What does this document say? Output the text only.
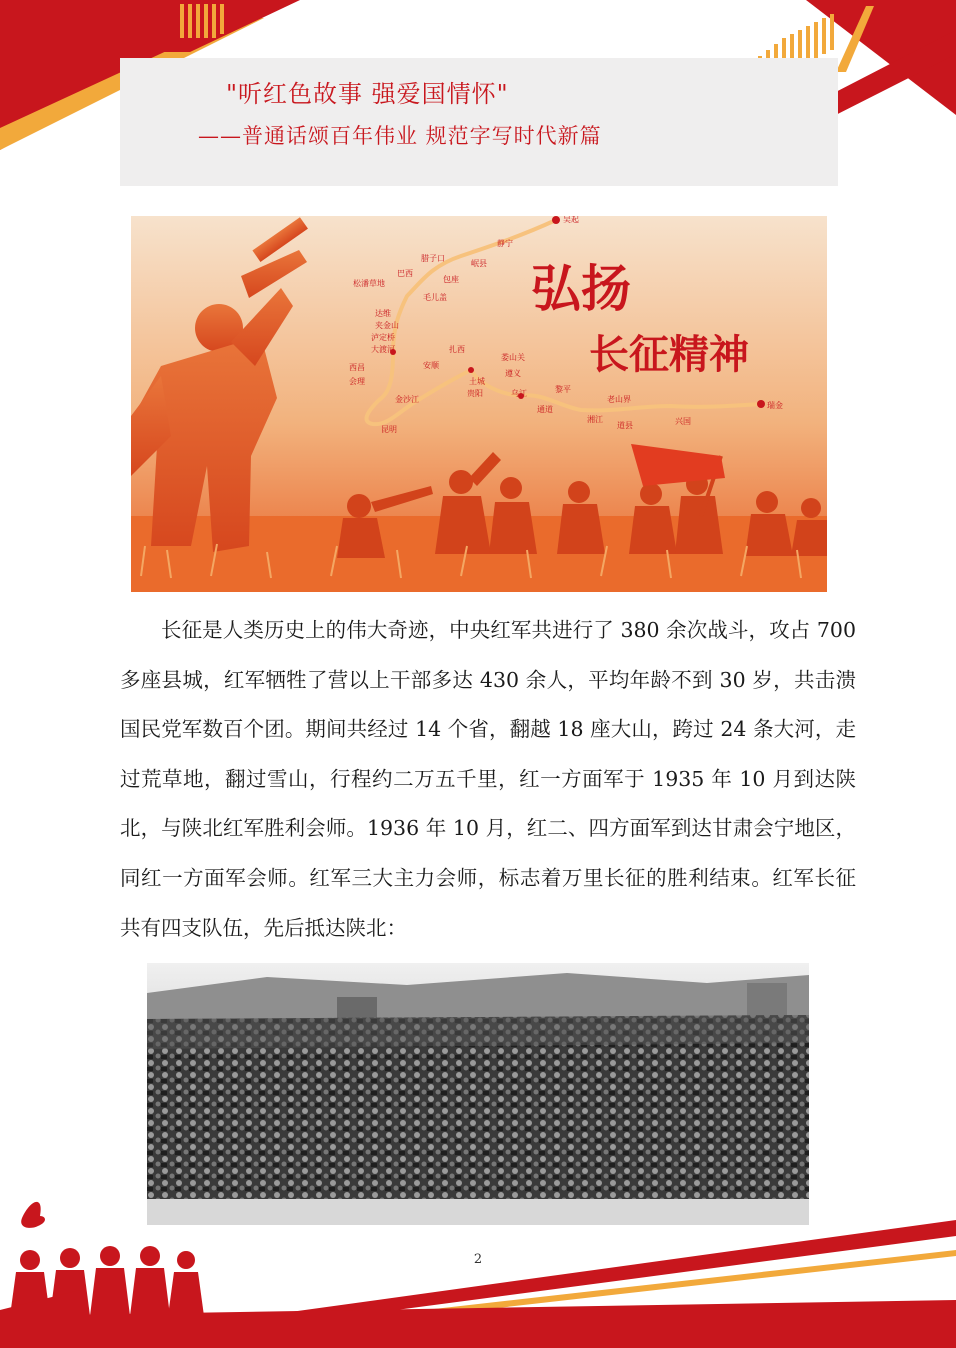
"听红色故事 强爱国情怀"
——普通话颂百年伟业 规范字写时代新篇
吴起
静宁
腊子口
岷县
巴西
包座
毛儿盖
松潘草地
达维
夹金山
泸定桥
大渡河
西昌
会理
金沙江
昆明
安顺
贵阳
扎西
娄山关
遵义
土城
乌江	黎平
老山界
通道
湘江
道县
瑞金
兴国
弘扬
长征精神

长征是人类历史上的伟大奇迹，中央红军共进行了 380 余次战斗，攻占 700 多座县城，红军牺牲了营以上干部多达 430 余人，平均年龄不到 30 岁，共击溃国民党军数百个团。期间共经过 14 个省，翻越 18 座大山，跨过 24 条大河，走过荒草地，翻过雪山，行程约二万五千里，红一方面军于 1935 年 10 月到达陕北，与陕北红军胜利会师。1936 年 10 月，红二、四方面军到达甘肃会宁地区，同红一方面军会师。红军三大主力会师，标志着万里长征的胜利结束。红军长征共有四支队伍，先后抵达陕北：

2
